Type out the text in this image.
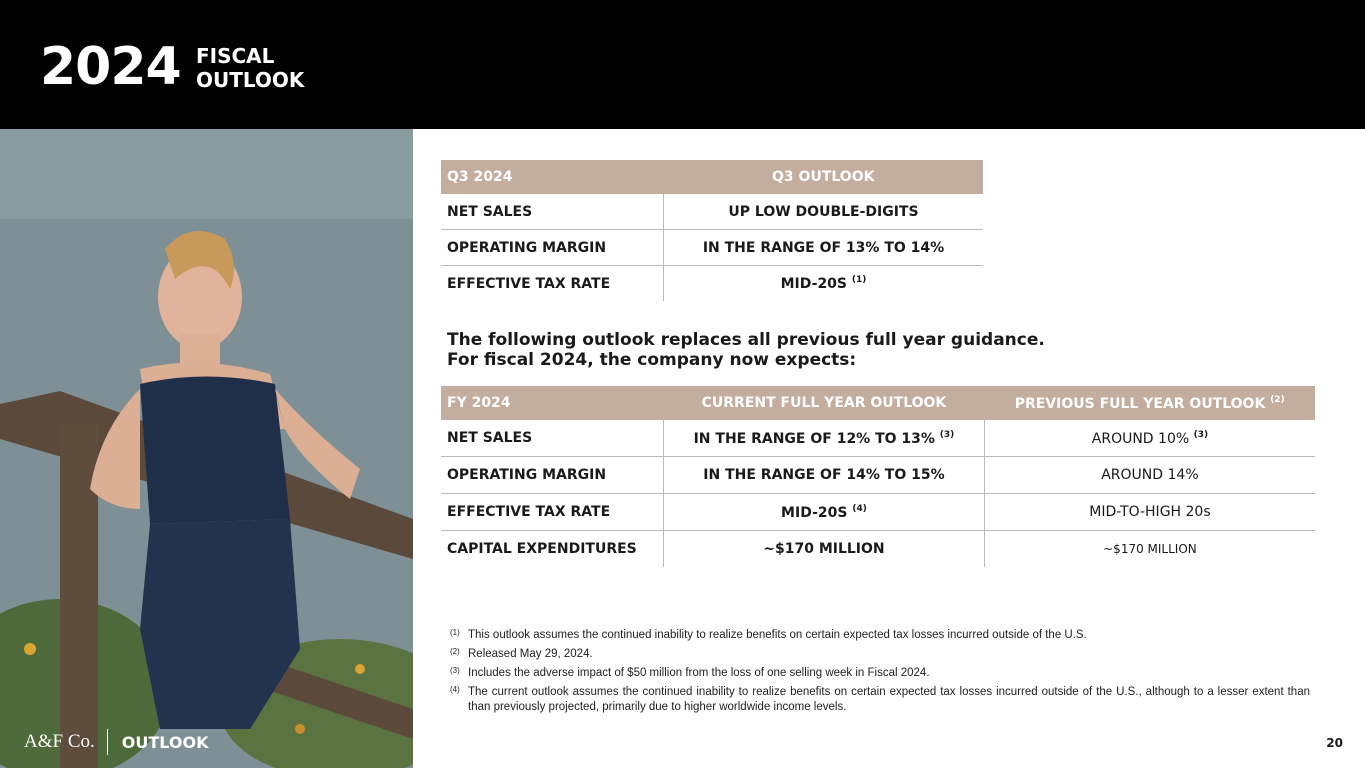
2024 FISCAL
OUTLOOK
A&F Co. OUTLOOK
Q3 2024	Q3 OUTLOOK
NET SALES	UP LOW DOUBLE-DIGITS
OPERATING MARGIN	IN THE RANGE OF 13% TO 14%
EFFECTIVE TAX RATE	MID-20S $^{(1)}$
The following outlook replaces all previous full year guidance.
For fiscal 2024, the company now expects:
FY 2024	CURRENT FULL YEAR OUTLOOK	PREVIOUS FULL YEAR OUTLOOK $^{(2)}$
NET SALES	IN THE RANGE OF 12% TO 13% $^{(3)}$	AROUND 10% $^{(3)}$
OPERATING MARGIN	IN THE RANGE OF 14% TO 15%	AROUND 14%
EFFECTIVE TAX RATE	MID-20S $^{(4)}$	MID-TO-HIGH 20s
CAPITAL EXPENDITURES	~$170 MILLION	~$170 MILLION
(1) This outlook assumes the continued inability to realize benefits on certain expected tax losses incurred outside of the U.S.
(2) Released May 29, 2024.
(3) Includes the adverse impact of $50 million from the loss of one selling week in Fiscal 2024.
(4) The current outlook assumes the continued inability to realize benefits on certain expected tax losses incurred outside of the U.S., although to a lesser extent than than previously projected, primarily due to higher worldwide income levels.
20
